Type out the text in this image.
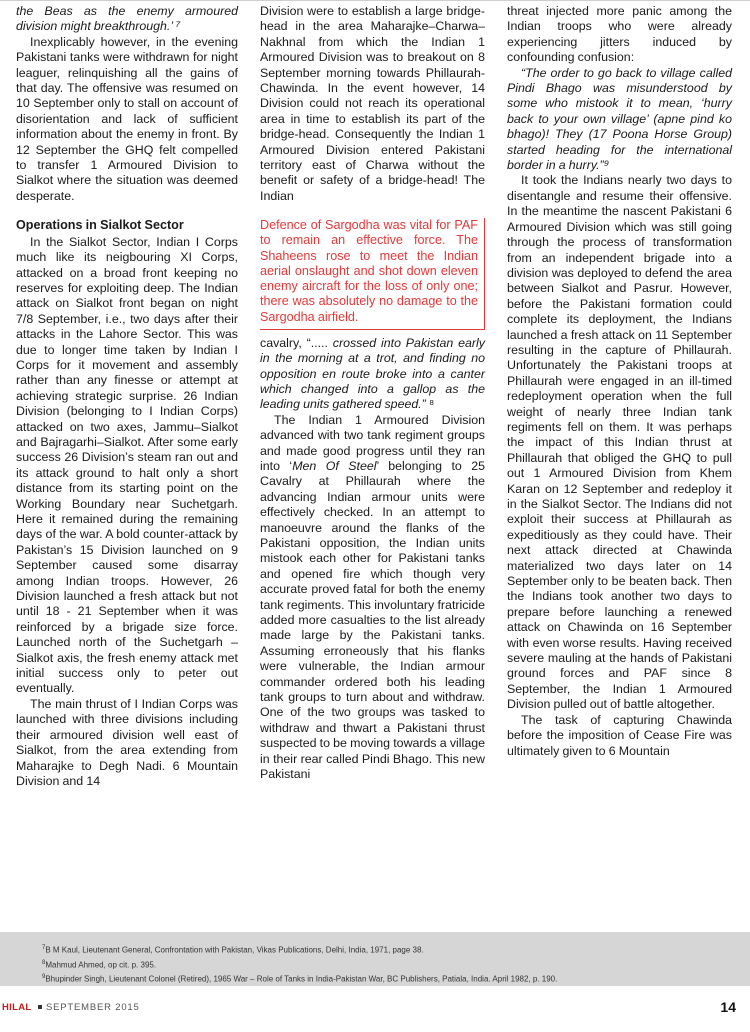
the Beas as the enemy armoured division might breakthrough.’ ⁷

Inexplicably however, in the evening Pakistani tanks were withdrawn for night leaguer, relinquishing all the gains of that day. The offensive was resumed on 10 September only to stall on account of disorientation and lack of sufficient information about the enemy in front. By 12 September the GHQ felt compelled to transfer 1 Armoured Division to Sialkot where the situation was deemed desperate.

Operations in Sialkot Sector

In the Sialkot Sector, Indian I Corps much like its neigbouring XI Corps, attacked on a broad front keeping no reserves for exploiting deep. The Indian attack on Sialkot front began on night 7/8 September, i.e., two days after their attacks in the Lahore Sector. This was due to longer time taken by Indian I Corps for it movement and assembly rather than any finesse or attempt at achieving strategic surprise. 26 Indian Division (belonging to I Indian Corps) attacked on two axes, Jammu–Sialkot and Bajragarhi–Sialkot. After some early success 26 Division’s steam ran out and its attack ground to halt only a short distance from its starting point on the Working Boundary near Suchetgarh. Here it remained during the remaining days of the war. A bold counter-attack by Pakistan’s 15 Division launched on 9 September caused some disarray among Indian troops. However, 26 Division launched a fresh attack but not until 18 - 21 September when it was reinforced by a brigade size force. Launched north of the Suchetgarh – Sialkot axis, the fresh enemy attack met initial success only to peter out eventually.

The main thrust of I Indian Corps was launched with three divisions including their armoured division well east of Sialkot, from the area extending from Maharajke to Degh Nadi. 6 Mountain Division and 14

Division were to establish a large bridge-head in the area Maharajke–Charwa–Nakhnal from which the Indian 1 Armoured Division was to breakout on 8 September morning towards Phillaurah-Chawinda. In the event however, 14 Division could not reach its operational area in time to establish its part of the bridge-head. Consequently the Indian 1 Armoured Division entered Pakistani territory east of Charwa without the benefit or safety of a bridge-head! The Indian

Defence of Sargodha was vital for PAF to remain an effective force. The Shaheens rose to meet the Indian aerial onslaught and shot down eleven enemy aircraft for the loss of only one; there was absolutely no damage to the Sargodha airfield.

cavalry, “..... crossed into Pakistan early in the morning at a trot, and finding no opposition en route broke into a canter which changed into a gallop as the leading units gathered speed.” ⁸

The Indian 1 Armoured Division advanced with two tank regiment groups and made good progress until they ran into ‘Men Of Steel’ belonging to 25 Cavalry at Phillaurah where the advancing Indian armour units were effectively checked. In an attempt to manoeuvre around the flanks of the Pakistani opposition, the Indian units mistook each other for Pakistani tanks and opened fire which though very accurate proved fatal for both the enemy tank regiments. This involuntary fratricide added more casualties to the list already made large by the Pakistani tanks. Assuming erroneously that his flanks were vulnerable, the Indian armour commander ordered both his leading tank groups to turn about and withdraw. One of the two groups was tasked to withdraw and thwart a Pakistani thrust suspected to be moving towards a village in their rear called Pindi Bhago. This new Pakistani

threat injected more panic among the Indian troops who were already experiencing jitters induced by confounding confusion:

“The order to go back to village called Pindi Bhago was misunderstood by some who mistook it to mean, ‘hurry back to your own village’ (apne pind ko bhago)! They (17 Poona Horse Group) started heading for the international border in a hurry.”⁹

It took the Indians nearly two days to disentangle and resume their offensive. In the meantime the nascent Pakistani 6 Armoured Division which was still going through the process of transformation from an independent brigade into a division was deployed to defend the area between Sialkot and Pasrur. However, before the Pakistani formation could complete its deployment, the Indians launched a fresh attack on 11 September resulting in the capture of Phillaurah. Unfortunately the Pakistani troops at Phillaurah were engaged in an ill-timed redeployment operation when the full weight of nearly three Indian tank regiments fell on them. It was perhaps the impact of this Indian thrust at Phillaurah that obliged the GHQ to pull out 1 Armoured Division from Khem Karan on 12 September and redeploy it in the Sialkot Sector. The Indians did not exploit their success at Phillaurah as expeditiously as they could have. Their next attack directed at Chawinda materialized two days later on 14 September only to be beaten back. Then the Indians took another two days to prepare before launching a renewed attack on Chawinda on 16 September with even worse results. Having received severe mauling at the hands of Pakistani ground forces and PAF since 8 September, the Indian 1 Armoured Division pulled out of battle altogether.

The task of capturing Chawinda before the imposition of Cease Fire was ultimately given to 6 Mountain

$^7$B M Kaul, Lieutenant General, Confrontation with Pakistan, Vikas Publications, Delhi, India, 1971, page 38.
$^8$Mahmud Ahmed, op cit. p. 395.
$^9$Bhupinder Singh, Lieutenant Colonel (Retired), 1965 War – Role of Tanks in India-Pakistan War, BC Publishers, Patiala, India. April 1982, p. 190.
HILAL SEPTEMBER 2015	14
